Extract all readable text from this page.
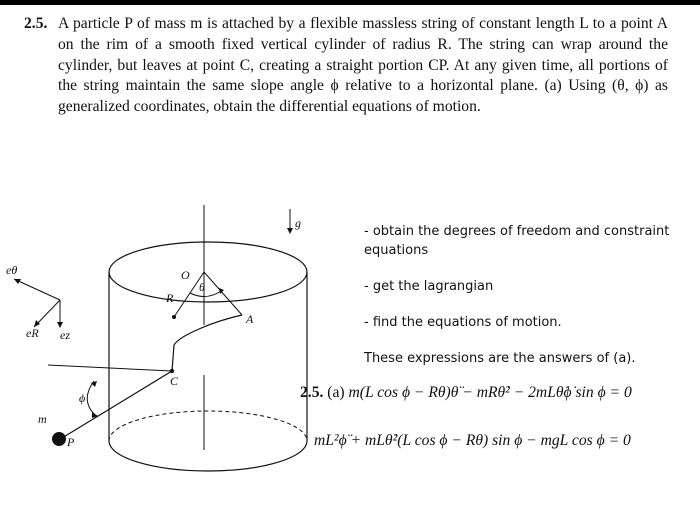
2.5. A particle P of mass m is attached by a flexible massless string of constant length L to a point A on the rim of a smooth fixed vertical cylinder of radius R. The string can wrap around the cylinder, but leaves at point C, creating a straight portion CP. At any given time, all portions of the string maintain the same slope angle ϕ relative to a horizontal plane. (a) Using (θ, ϕ) as generalized coordinates, obtain the differential equations of motion.
g
O
θ
R
A
C
ϕ
m
P
eθ
eR ez

- obtain the degrees of freedom and constraint equations

- get the lagrangian

- find the equations of motion.

These expressions are the answers of (a).

2.5. (a) m(L cos ϕ − Rθ)θ̈ − mRθ̇² − 2mLθ̇ϕ̇ sin ϕ = 0
mL²ϕ̈ + mLθ̇²(L cos ϕ − Rθ) sin ϕ − mgL cos ϕ = 0
